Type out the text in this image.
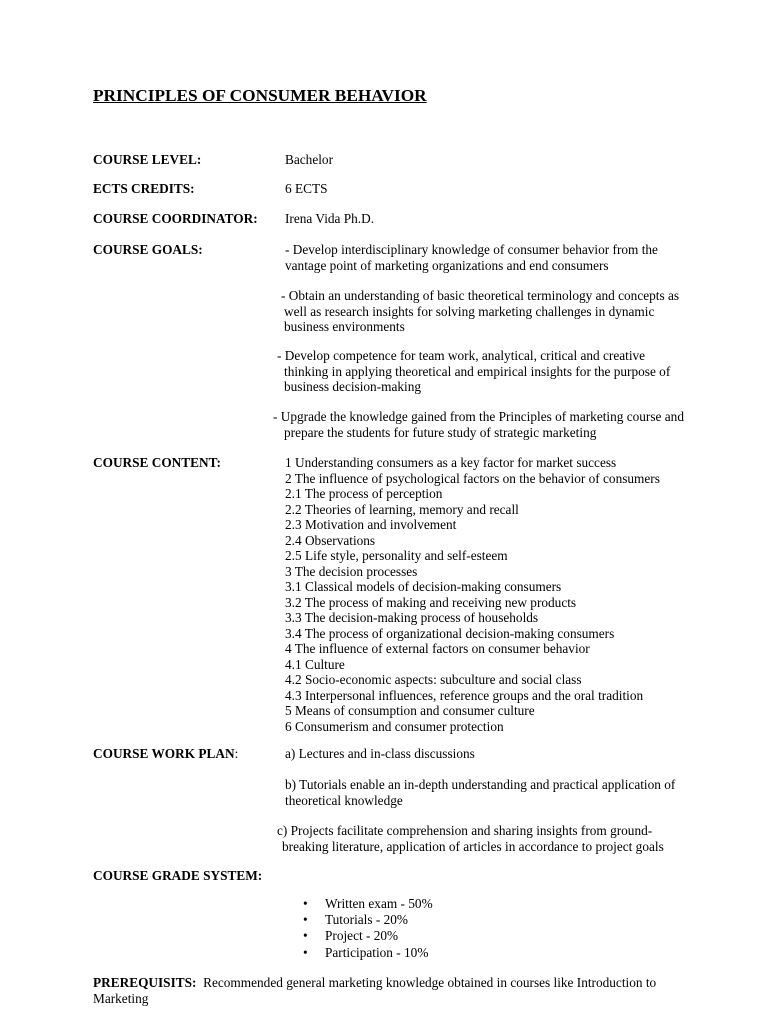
PRINCIPLES OF CONSUMER BEHAVIOR
COURSE LEVEL:	Bachelor
ECTS CREDITS:	6 ECTS
COURSE COORDINATOR: Irena Vida Ph.D.
COURSE GOALS:	- Develop interdisciplinary knowledge of consumer behavior from the
vantage point of marketing organizations and end consumers
- Obtain an understanding of basic theoretical terminology and concepts as
well as research insights for solving marketing challenges in dynamic
business environments
- Develop competence for team work, analytical, critical and creative
thinking in applying theoretical and empirical insights for the purpose of
business decision-making
- Upgrade the knowledge gained from the Principles of marketing course and
prepare the students for future study of strategic marketing
COURSE CONTENT:	1 Understanding consumers as a key factor for market success
2 The influence of psychological factors on the behavior of consumers
2.1 The process of perception
2.2 Theories of learning, memory and recall
2.3 Motivation and involvement
2.4 Observations
2.5 Life style, personality and self-esteem
3 The decision processes
3.1 Classical models of decision-making consumers
3.2 The process of making and receiving new products
3.3 The decision-making process of households
3.4 The process of organizational decision-making consumers
4 The influence of external factors on consumer behavior
4.1 Culture
4.2 Socio-economic aspects: subculture and social class
4.3 Interpersonal influences, reference groups and the oral tradition
5 Means of consumption and consumer culture
6 Consumerism and consumer protection
COURSE WORK PLAN:	a) Lectures and in-class discussions
b) Tutorials enable an in-depth understanding and practical application of
theoretical knowledge
c) Projects facilitate comprehension and sharing insights from ground-
breaking literature, application of articles in accordance to project goals
COURSE GRADE SYSTEM:
• Written exam - 50%
• Tutorials - 20%
• Project - 20%
• Participation - 10%
PREREQUISITS: Recommended general marketing knowledge obtained in courses like Introduction to
Marketing
